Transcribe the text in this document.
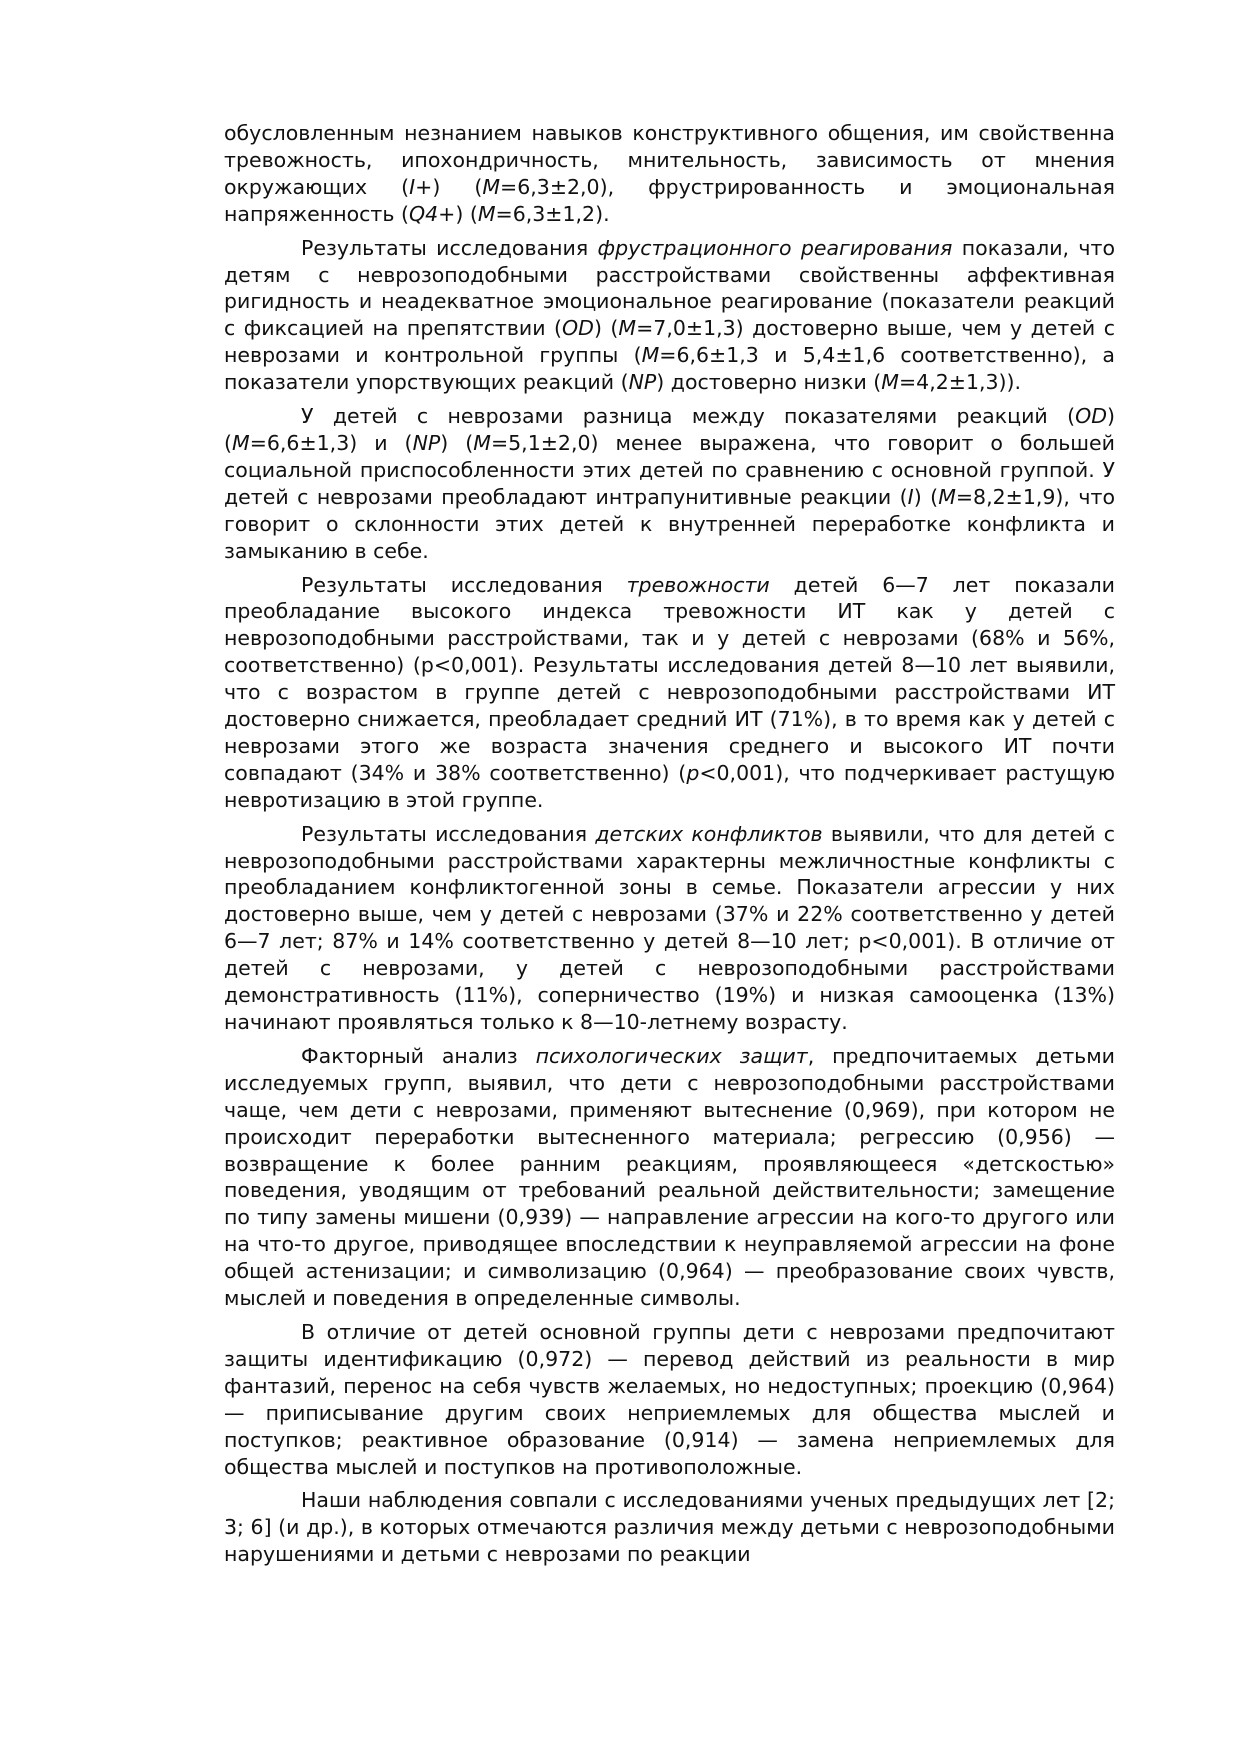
обусловленным незнанием навыков конструктивного общения, им свойственна тревожность, ипохондричность, мнительность, зависимость от мнения окружающих (I+) (M=6,3±2,0), фрустрированность и эмоциональная напряженность (Q4+) (M=6,3±1,2).

Результаты исследования фрустрационного реагирования показали, что детям с неврозоподобными расстройствами свойственны аффективная ригидность и неадекватное эмоциональное реагирование (показатели реакций с фиксацией на препятствии (OD) (M=7,0±1,3) достоверно выше, чем у детей с неврозами и контрольной группы (M=6,6±1,3 и 5,4±1,6 соответственно), а показатели упорствующих реакций (NP) достоверно низки (M=4,2±1,3)).

У детей с неврозами разница между показателями реакций (OD) (M=6,6±1,3) и (NP) (M=5,1±2,0) менее выражена, что говорит о большей социальной приспособленности этих детей по сравнению с основной группой. У детей с неврозами преобладают интрапунитивные реакции (I) (M=8,2±1,9), что говорит о склонности этих детей к внутренней переработке конфликта и замыканию в себе.

Результаты исследования тревожности детей 6—7 лет показали преобладание высокого индекса тревожности ИТ как у детей с неврозоподобными расстройствами, так и у детей с неврозами (68% и 56%, соответственно) (p<0,001). Результаты исследования детей 8—10 лет выявили, что с возрастом в группе детей с неврозоподобными расстройствами ИТ достоверно снижается, преобладает средний ИТ (71%), в то время как у детей с неврозами этого же возраста значения среднего и высокого ИТ почти совпадают (34% и 38% соответственно) (p<0,001), что подчеркивает растущую невротизацию в этой группе.

Результаты исследования детских конфликтов выявили, что для детей с неврозоподобными расстройствами характерны межличностные конфликты с преобладанием конфликтогенной зоны в семье. Показатели агрессии у них достоверно выше, чем у детей с неврозами (37% и 22% соответственно у детей 6—7 лет; 87% и 14% соответственно у детей 8—10 лет; p<0,001). В отличие от детей с неврозами, у детей с неврозоподобными расстройствами демонстративность (11%), соперничество (19%) и низкая самооценка (13%) начинают проявляться только к 8—10-летнему возрасту.

Факторный анализ психологических защит, предпочитаемых детьми исследуемых групп, выявил, что дети с неврозоподобными расстройствами чаще, чем дети с неврозами, применяют вытеснение (0,969), при котором не происходит переработки вытесненного материала; регрессию (0,956) — возвращение к более ранним реакциям, проявляющееся «детскостью» поведения, уводящим от требований реальной действительности; замещение по типу замены мишени (0,939) — направление агрессии на кого-то другого или на что-то другое, приводящее впоследствии к неуправляемой агрессии на фоне общей астенизации; и символизацию (0,964) — преобразование своих чувств, мыслей и поведения в определенные символы.

В отличие от детей основной группы дети с неврозами предпочитают защиты идентификацию (0,972) — перевод действий из реальности в мир фантазий, перенос на себя чувств желаемых, но недоступных; проекцию (0,964) — приписывание другим своих неприемлемых для общества мыслей и поступков; реактивное образование (0,914) — замена неприемлемых для общества мыслей и поступков на противоположные.

Наши наблюдения совпали с исследованиями ученых предыдущих лет [2; 3; 6] (и др.), в которых отмечаются различия между детьми с неврозоподобными нарушениями и детьми с неврозами по реакции
